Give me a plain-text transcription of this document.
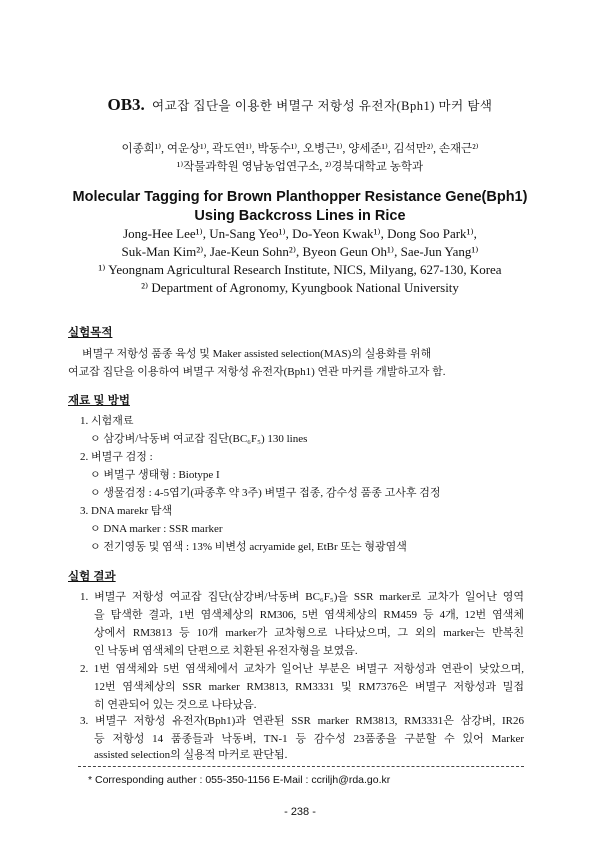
OB3. 여교잡 집단을 이용한 벼멸구 저항성 유전자(Bph1) 마커 탐색
이종희¹⁾, 여운상¹⁾, 곽도연¹⁾, 박동수¹⁾, 오병근¹⁾, 양세준¹⁾, 김석만²⁾, 손재근²⁾
¹⁾작물과학원 영남농업연구소, ²⁾경북대학교 농학과
Molecular Tagging for Brown Planthopper Resistance Gene(Bph1)
Using Backcross Lines in Rice
Jong-Hee Lee¹⁾, Un-Sang Yeo¹⁾, Do-Yeon Kwak¹⁾, Dong Soo Park¹⁾,
Suk-Man Kim²⁾, Jae-Keun Sohn²⁾, Byeon Geun Oh¹⁾, Sae-Jun Yang¹⁾
¹⁾ Yeongnam Agricultural Research Institute, NICS, Milyang, 627-130, Korea
²⁾ Department of Agronomy, Kyungbook National University
실험목적
벼멸구 저항성 품종 육성 및 Maker assisted selection(MAS)의 실용화를 위해
여교잡 집단을 이용하여 벼멸구 저항성 유전자(Bph1) 연관 마커를 개발하고자 함.
재료 및 방법
1. 시험재료
ㅇ 삼강벼/낙동벼 여교잡 집단(BC₆F₅) 130 lines
2. 벼멸구 검정 :
ㅇ 벼멸구 생태형 : Biotype I
ㅇ 생물검정 : 4-5엽기(파종후 약 3주) 벼멸구 접종, 감수성 품종 고사후 검정
3. DNA marekr 탐색
ㅇ DNA marker : SSR marker
ㅇ 전기영동 및 염색 : 13% 비변성 acryamide gel, EtBr 또는 형광염색
실험 결과
1. 벼멸구 저항성 여교잡 집단(삼강벼/낙동벼 BC₆F₅)을 SSR marker로 교차가 일어난 영역
을 탐색한 결과, 1번 염색체상의 RM306, 5번 염색체상의 RM459 등 4개, 12번 염색체
상에서 RM3813 등 10개 marker가 교차형으로 나타났으며, 그 외의 marker는 반복친
인 낙동벼 염색체의 단편으로 치환된 유전자형을 보였음.
2. 1번 염색체와 5번 염색체에서 교차가 일어난 부분은 벼멸구 저항성과 연관이 낮았으며,
12번 염색체상의 SSR marker RM3813, RM3331 및 RM7376은 벼멸구 저항성과 밀접
히 연관되어 있는 것으로 나타났음.
3. 벼멸구 저항성 유전자(Bph1)과 연관된 SSR marker RM3813, RM3331은 삼강벼, IR26
* Corresponding auther : 055-350-1156 E-Mail : ccriljh@rda.go.kr
- 238 -
등 저항성 14 품종들과 낙동벼, TN-1 등 감수성 23품종을 구분할 수 있어 Marker
assisted selection의 실용적 마커로 판단됨.
